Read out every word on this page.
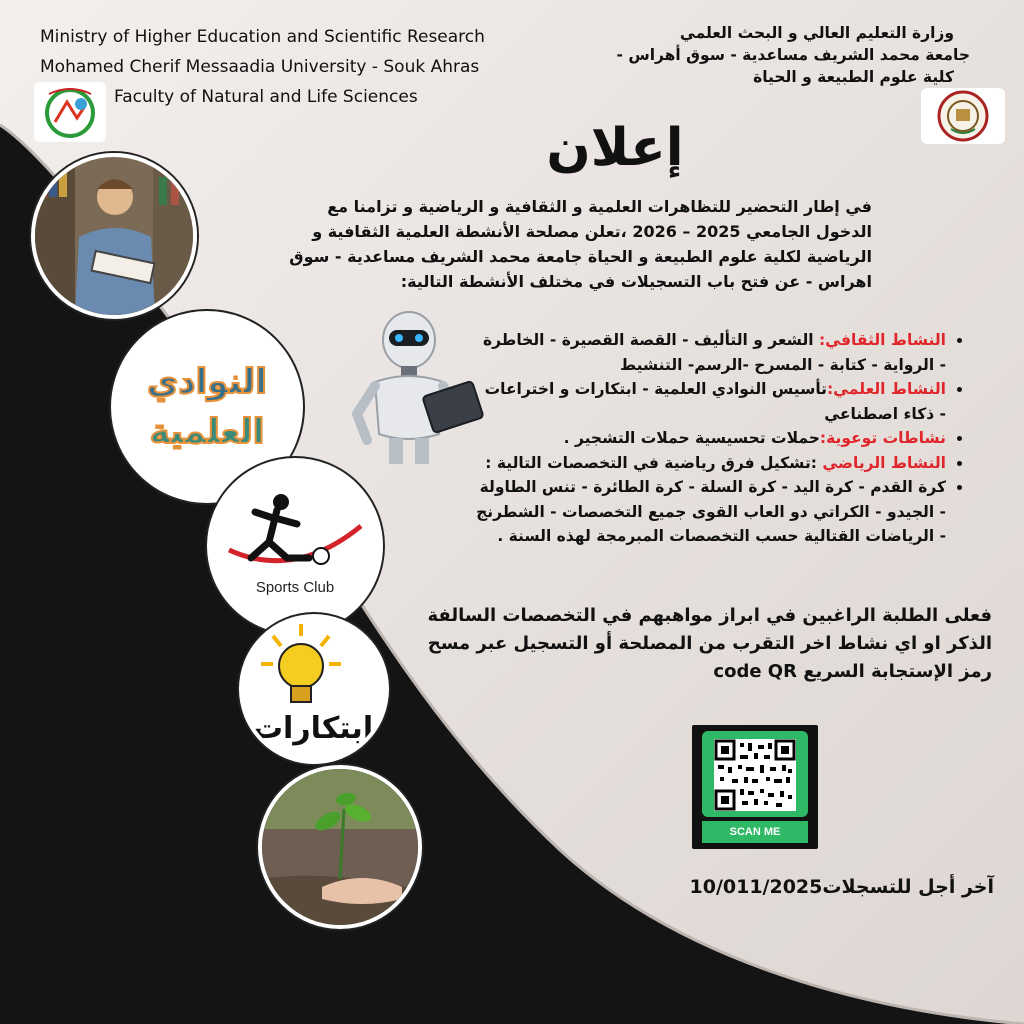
Ministry of Higher Education and Scientific Research
Mohamed Cherif Messaadia University - Souk Ahras
Faculty of Natural and Life Sciences
وزارة التعليم العالي و البحث العلمي
جامعة محمد الشريف مساعدية - سوق أهراس -
كلية علوم الطبيعة و الحياة
إعلان
في إطار التحضير للتظاهرات العلمية و الثقافية و الرياضية و تزامنا مع الدخول الجامعي 2025 – 2026 ،تعلن مصلحة الأنشطة العلمية الثقافية و الرياضية لكلية علوم الطبيعة و الحياة جامعة محمد الشريف مساعدية - سوق اهراس - عن فتح باب التسجيلات في مختلف الأنشطة التالية:
• النشاط الثقافي: الشعر و التأليف - القصة القصيرة - الخاطرة - الرواية - كتابة - المسرح -الرسم- التنشيط
• النشاط العلمي:تأسيس النوادي العلمية - ابتكارات و اختراعات - ذكاء اصطناعي
• نشاطات توعوية:حملات تحسيسية حملات التشجير .
• النشاط الرياضي :تشكيل فرق رياضية في التخصصات التالية :
• كرة القدم - كرة اليد - كرة السلة - كرة الطائرة - تنس الطاولة - الجيدو - الكراتي دو العاب القوى جميع التخصصات - الشطرنج - الرياضات القتالية حسب التخصصات المبرمجة لهذه السنة .
فعلى الطلبة الراغبين في ابراز مواهبهم في التخصصات السالفة الذكر او اي نشاط اخر التقرب من المصلحة أو التسجيل عبر مسح رمز الإستجابة السريع code QR
SCAN ME
آخر أجل للتسجلات10/011/2025
النوادي
العلمية
Sports Club
ابتكارات
